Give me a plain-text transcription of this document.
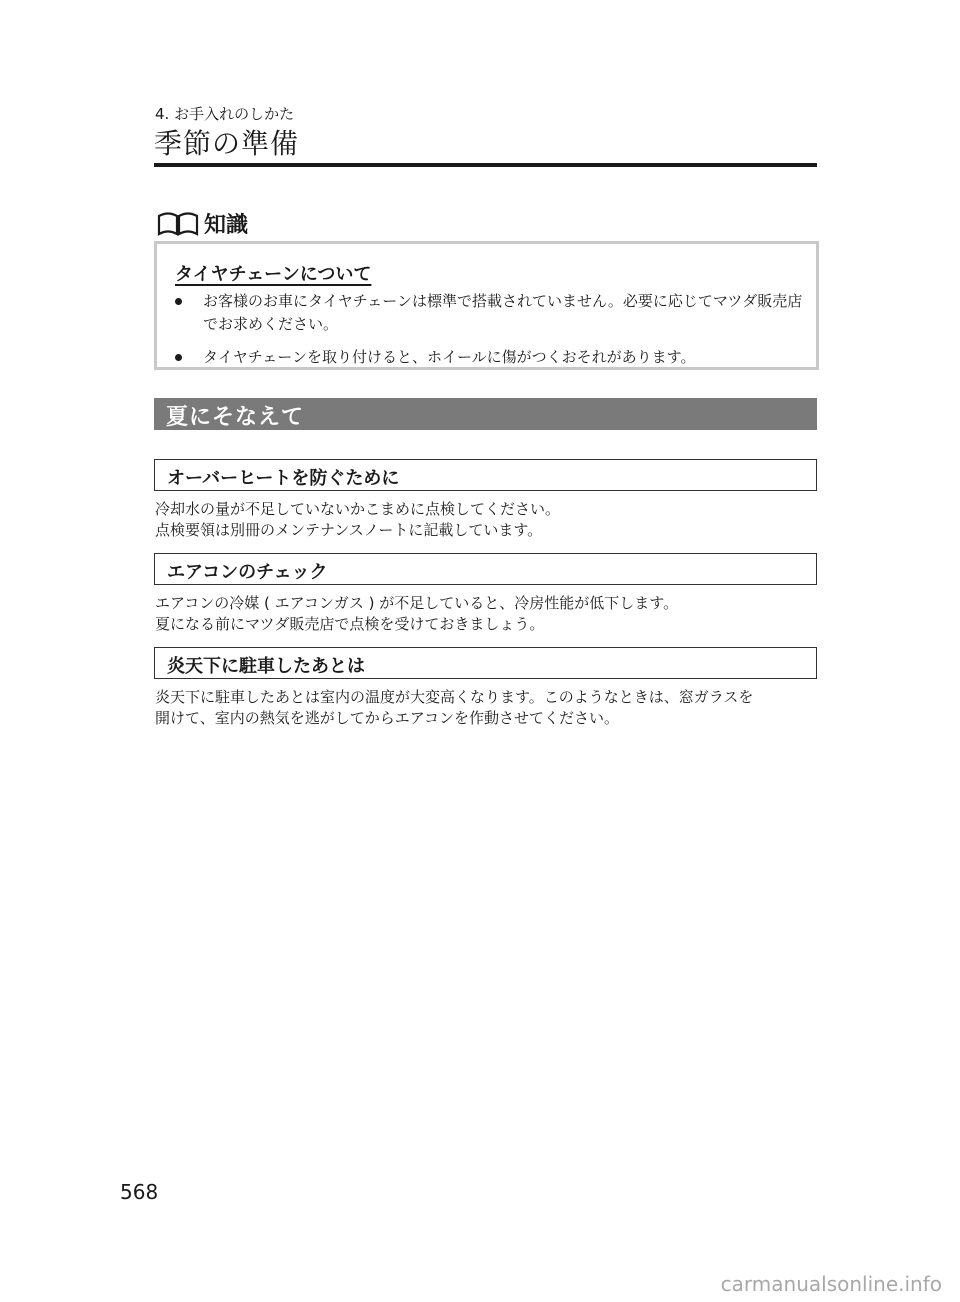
4. お手入れのしかた
季節の準備
知識
タイヤチェーンについて
お客様のお車にタイヤチェーンは標準で搭載されていません。必要に応じてマツダ販売店でお求めください。
タイヤチェーンを取り付けると、ホイールに傷がつくおそれがあります。
夏にそなえて
オーバーヒートを防ぐために
冷却水の量が不足していないかこまめに点検してください。
点検要領は別冊のメンテナンスノートに記載しています。
エアコンのチェック
エアコンの冷媒 ( エアコンガス ) が不足していると、冷房性能が低下します。
夏になる前にマツダ販売店で点検を受けておきましょう。
炎天下に駐車したあとは
炎天下に駐車したあとは室内の温度が大変高くなります。このようなときは、窓ガラスを
開けて、室内の熱気を逃がしてからエアコンを作動させてください。
568
carmanualsonline.info
